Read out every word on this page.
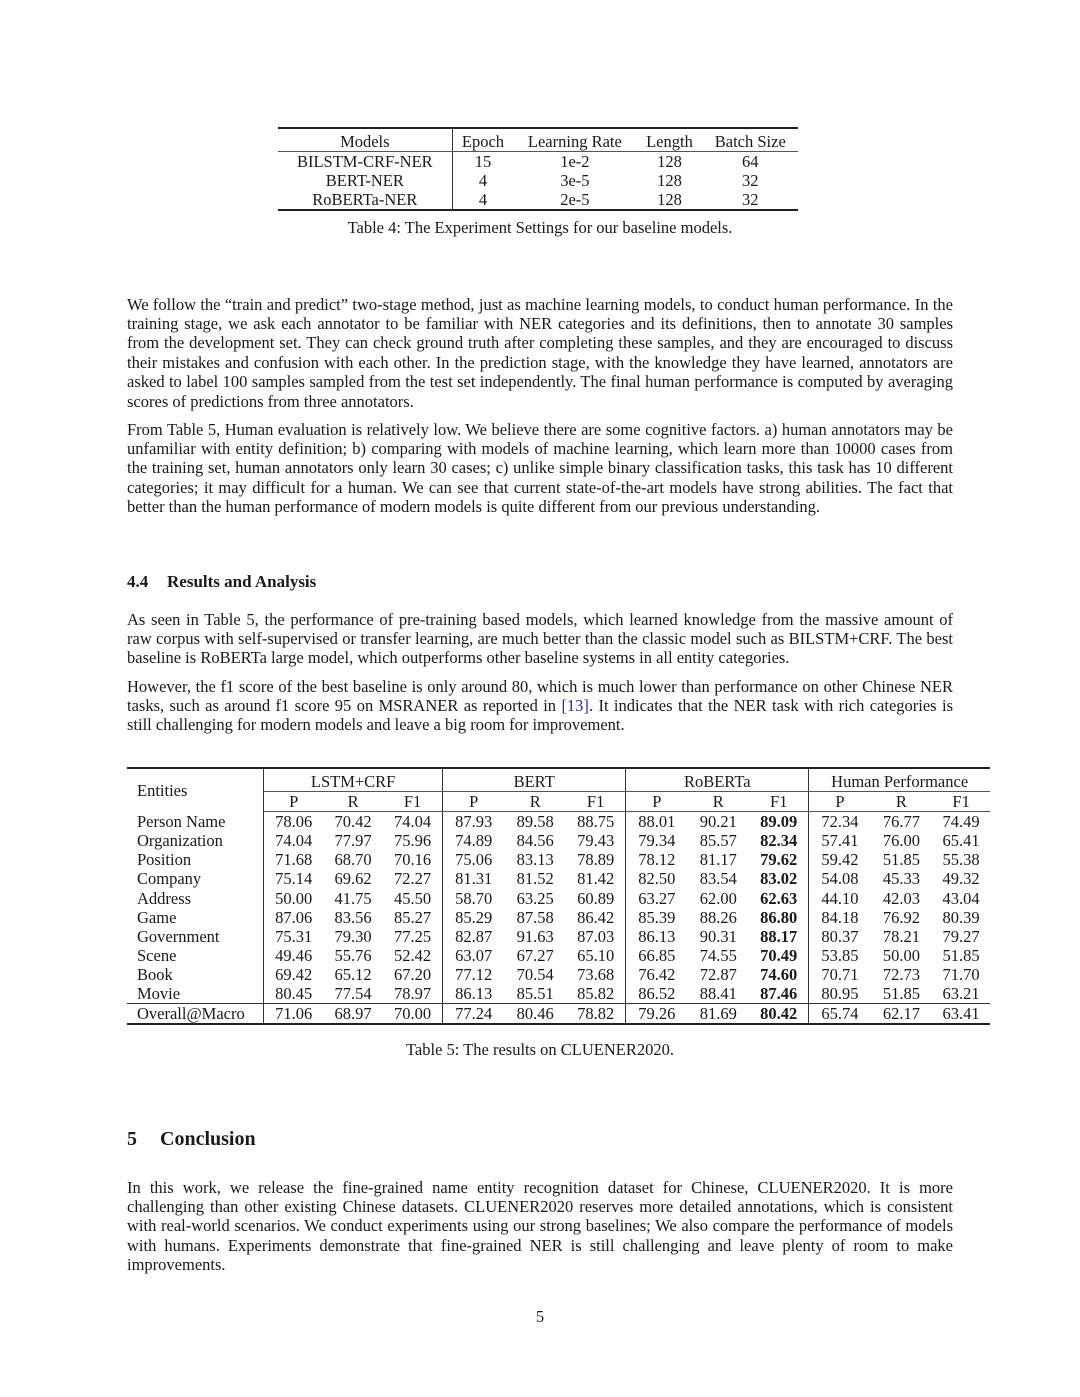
Models	Epoch	Learning Rate	Length	Batch Size
BILSTM-CRF-NER	15	1e-2	128	64
BERT-NER	4	3e-5	128	32
RoBERTa-NER	4	2e-5	128	32
Table 4: The Experiment Settings for our baseline models.

We follow the “train and predict” two-stage method, just as machine learning models, to conduct human performance. In the training stage, we ask each annotator to be familiar with NER categories and its definitions, then to annotate 30 samples from the development set. They can check ground truth after completing these samples, and they are encouraged to discuss their mistakes and confusion with each other. In the prediction stage, with the knowledge they have learned, annotators are asked to label 100 samples sampled from the test set independently. The final human performance is computed by averaging scores of predictions from three annotators.

From Table 5, Human evaluation is relatively low. We believe there are some cognitive factors. a) human annotators may be unfamiliar with entity definition; b) comparing with models of machine learning, which learn more than 10000 cases from the training set, human annotators only learn 30 cases; c) unlike simple binary classification tasks, this task has 10 different categories; it may difficult for a human. We can see that current state-of-the-art models have strong abilities. The fact that better than the human performance of modern models is quite different from our previous understanding.

4.4 Results and Analysis

As seen in Table 5, the performance of pre-training based models, which learned knowledge from the massive amount of raw corpus with self-supervised or transfer learning, are much better than the classic model such as BILSTM+CRF. The best baseline is RoBERTa large model, which outperforms other baseline systems in all entity categories.

However, the f1 score of the best baseline is only around 80, which is much lower than performance on other Chinese NER tasks, such as around f1 score 95 on MSRANER as reported in [13]. It indicates that the NER task with rich categories is still challenging for modern models and leave a big room for improvement.

Entities	LSTM+CRF			BERT			RoBERTa			Human Performance		
	P	R	F1	P	R	F1	P	R	F1	P	R	F1
Person Name	78.06	70.42	74.04	87.93	89.58	88.75	88.01	90.21	89.09	72.34	76.77	74.49
Organization	74.04	77.97	75.96	74.89	84.56	79.43	79.34	85.57	82.34	57.41	76.00	65.41
Position	71.68	68.70	70.16	75.06	83.13	78.89	78.12	81.17	79.62	59.42	51.85	55.38
Company	75.14	69.62	72.27	81.31	81.52	81.42	82.50	83.54	83.02	54.08	45.33	49.32
Address	50.00	41.75	45.50	58.70	63.25	60.89	63.27	62.00	62.63	44.10	42.03	43.04
Game	87.06	83.56	85.27	85.29	87.58	86.42	85.39	88.26	86.80	84.18	76.92	80.39
Government	75.31	79.30	77.25	82.87	91.63	87.03	86.13	90.31	88.17	80.37	78.21	79.27
Scene	49.46	55.76	52.42	63.07	67.27	65.10	66.85	74.55	70.49	53.85	50.00	51.85
Book	69.42	65.12	67.20	77.12	70.54	73.68	76.42	72.87	74.60	70.71	72.73	71.70
Movie	80.45	77.54	78.97	86.13	85.51	85.82	86.52	88.41	87.46	80.95	51.85	63.21
Overall@Macro	71.06	68.97	70.00	77.24	80.46	78.82	79.26	81.69	80.42	65.74	62.17	63.41
Table 5: The results on CLUENER2020.
5 Conclusion

In this work, we release the fine-grained name entity recognition dataset for Chinese, CLUENER2020. It is more challenging than other existing Chinese datasets. CLUENER2020 reserves more detailed annotations, which is consistent with real-world scenarios. We conduct experiments using our strong baselines; We also compare the performance of models with humans. Experiments demonstrate that fine-grained NER is still challenging and leave plenty of room to make improvements.

5
